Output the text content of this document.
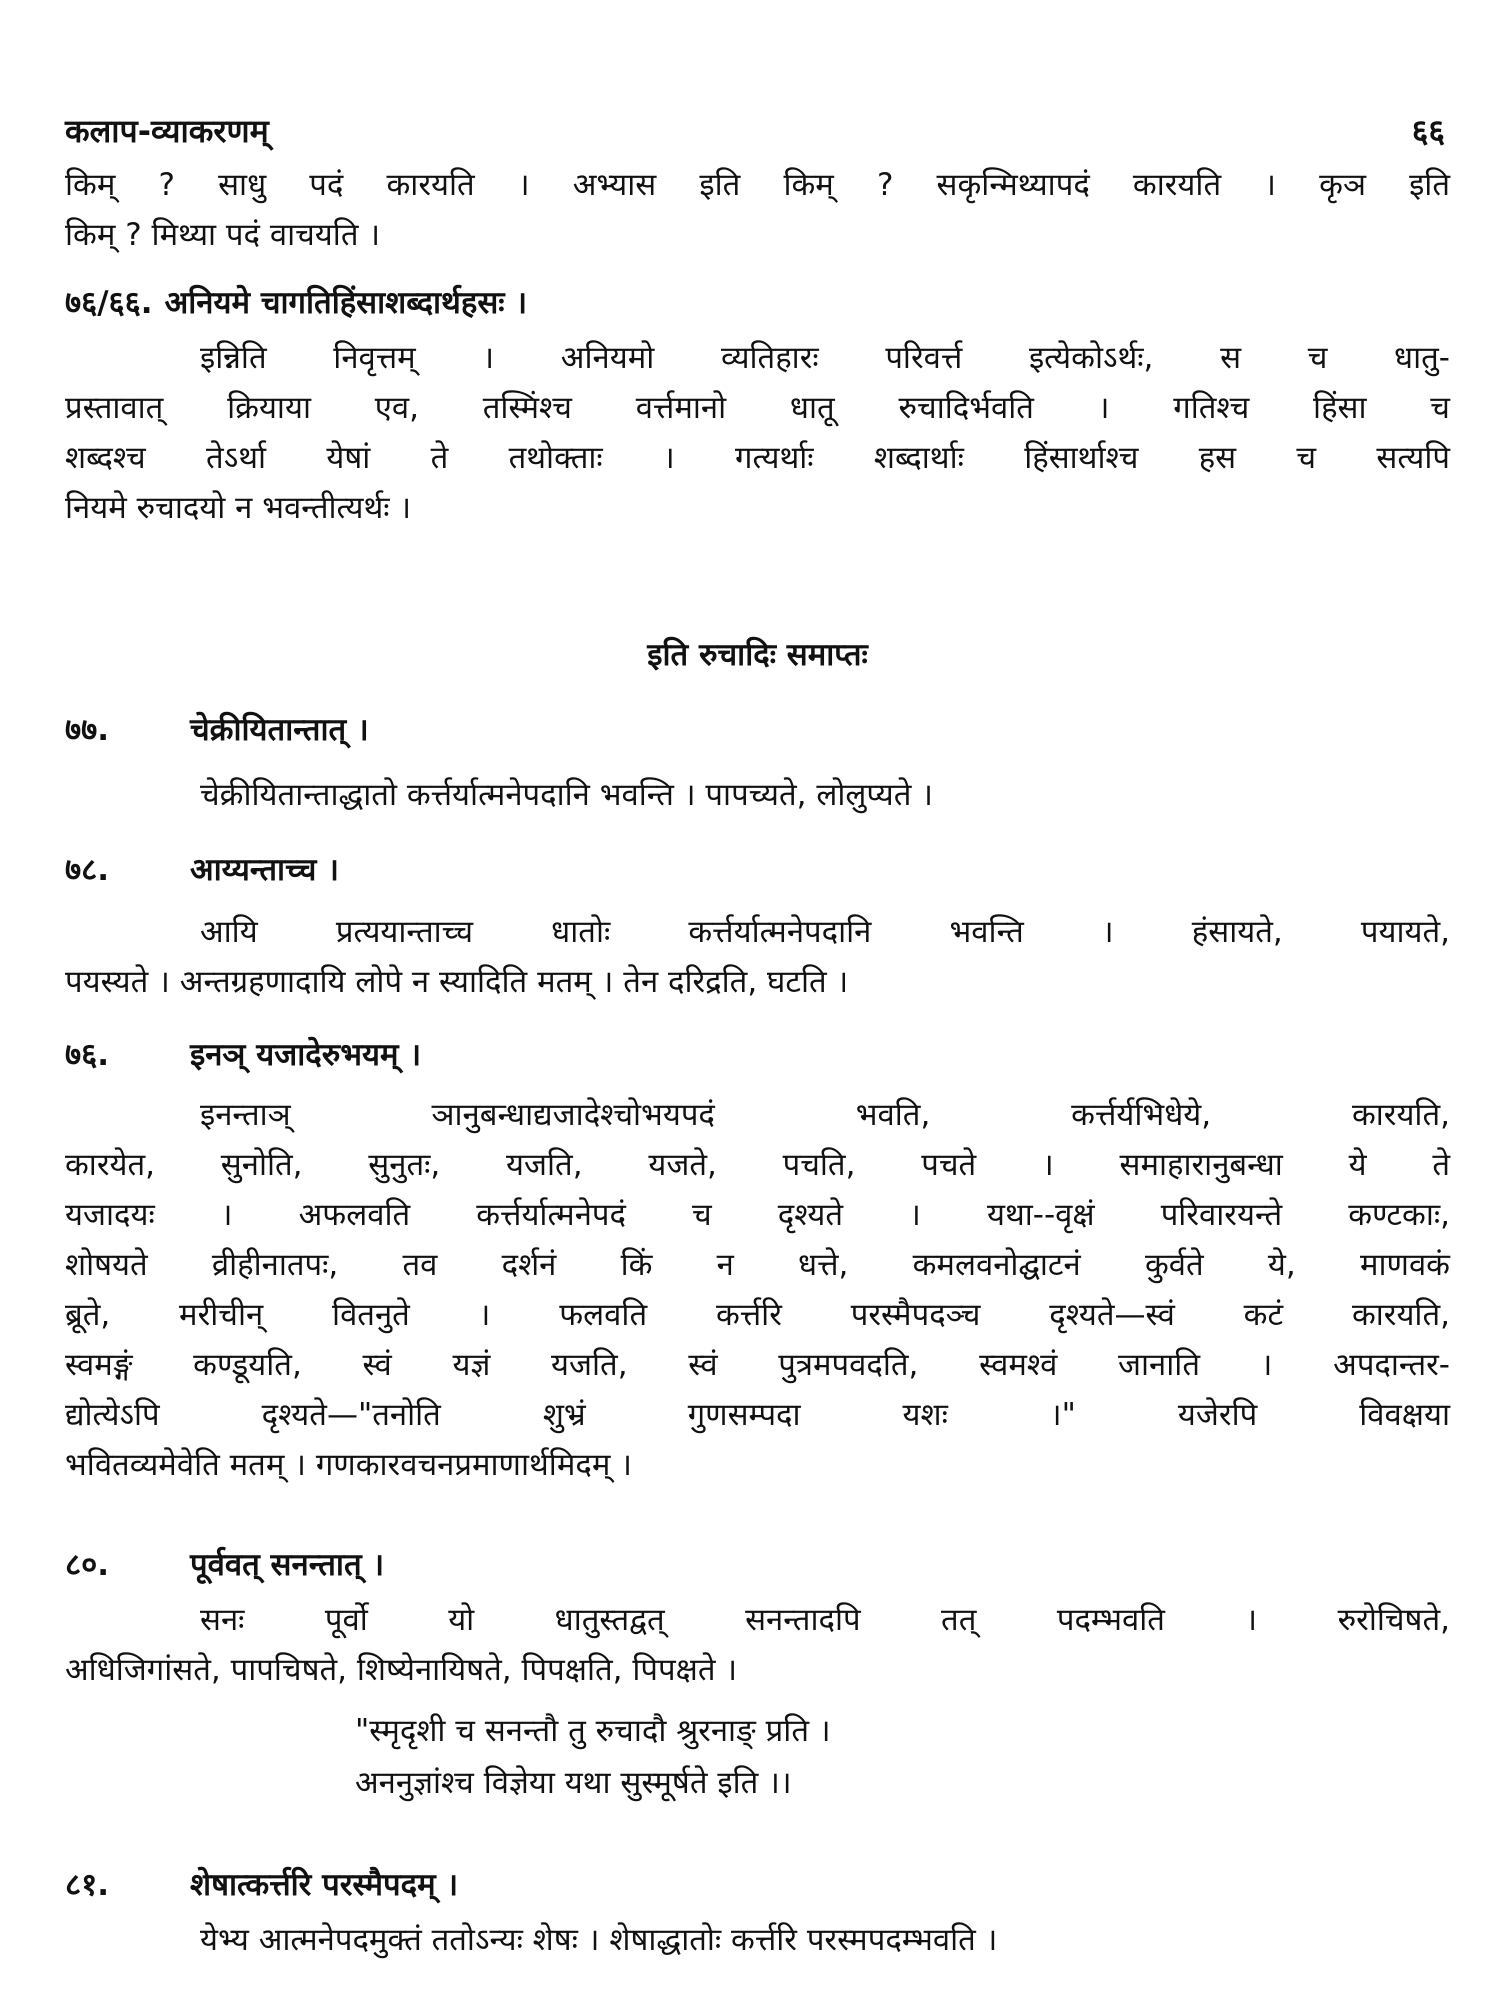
कलाप-व्याकरणम्	६६
किम् ? साधु पदं कारयति । अभ्यास इति किम् ? सकृन्मिथ्यापदं कारयति । कृञ इति
किम् ? मिथ्या पदं वाचयति ।
७६/६६. अनियमे चागतिहिंसाशब्दार्थहसः ।
इन्निति निवृत्तम् । अनियमो व्यतिहारः परिवर्त्त इत्येकोऽर्थः, स च धातु-
प्रस्तावात् क्रियाया एव, तस्मिंश्च वर्त्तमानो धातू रुचादिर्भवति । गतिश्च हिंसा च
शब्दश्च तेऽर्था येषां ते तथोक्ताः । गत्यर्थाः शब्दार्थाः हिंसार्थाश्च हस च सत्यपि
नियमे रुचादयो न भवन्तीत्यर्थः ।
इति रुचादिः समाप्तः
७७.	चेक्रीयितान्तात् ।
चेक्रीयितान्ताद्धातो कर्त्तर्यात्मनेपदानि भवन्ति । पापच्यते, लोलुप्यते ।
७८.	आय्यन्ताच्च ।
आयि प्रत्ययान्ताच्च धातोः कर्त्तर्यात्मनेपदानि भवन्ति । हंसायते, पयायते,
पयस्यते । अन्तग्रहणादायि लोपे न स्यादिति मतम् । तेन दरिद्रति, घटति ।
७६.	इनञ् यजादेरुभयम् ।
इनन्ताञ् ञानुबन्धाद्यजादेश्चोभयपदं भवति, कर्त्तर्यभिधेये, कारयति,
कारयेत, सुनोति, सुनुतः, यजति, यजते, पचति, पचते । समाहारानुबन्धा ये ते
यजादयः । अफलवति कर्त्तर्यात्मनेपदं च दृश्यते । यथा--वृक्षं परिवारयन्ते कण्टकाः,
शोषयते व्रीहीनातपः, तव दर्शनं किं न धत्ते, कमलवनोद्घाटनं कुर्वते ये, माणवकं
ब्रूते, मरीचीन् वितनुते । फलवति कर्त्तरि परस्मैपदञ्च दृश्यते—स्वं कटं कारयति,
स्वमङ्गं कण्डूयति, स्वं यज्ञं यजति, स्वं पुत्रमपवदति, स्वमश्वं जानाति । अपदान्तर-
द्योत्येऽपि दृश्यते—"तनोति शुभ्रं गुणसम्पदा यशः ।" यजेरपि विवक्षया
भवितव्यमेवेति मतम् । गणकारवचनप्रमाणार्थमिदम् ।
८०.	पूर्ववत् सनन्तात् ।
सनः पूर्वो यो धातुस्तद्वत् सनन्तादपि तत् पदम्भवति । रुरोचिषते,
अधिजिगांसते, पापचिषते, शिष्येनायिषते, पिपक्षति, पिपक्षते ।
"स्मृदृशी च सनन्तौ तु रुचादौ श्रुरनाङ् प्रति ।
अननुज्ञांश्च विज्ञेया यथा सुस्मूर्षते इति ।।
८१.	शेषात्कर्त्तरि परस्मैपदम् ।
येभ्य आत्मनेपदमुक्तं ततोऽन्यः शेषः । शेषाद्धातोः कर्त्तरि परस्मपदम्भवति ।
